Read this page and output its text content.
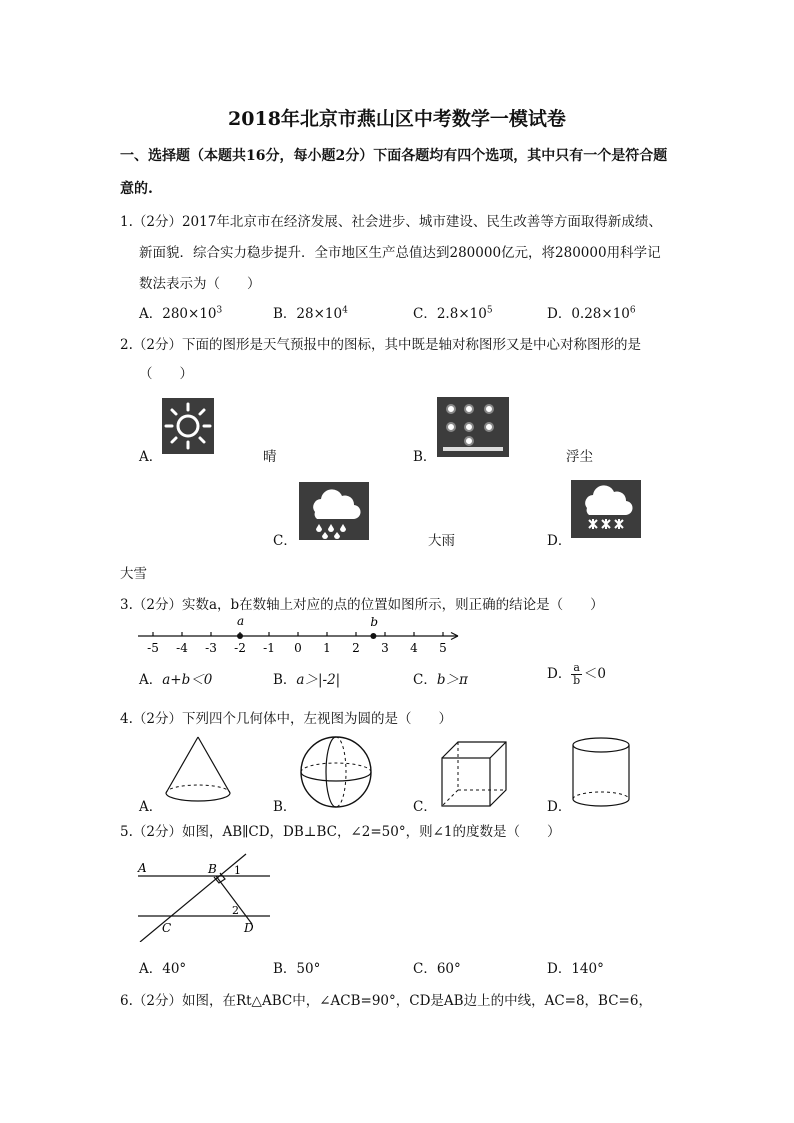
2018年北京市燕山区中考数学一模试卷
一、选择题（本题共16分，每小题2分）下面各题均有四个选项，其中只有一个是符合题
意的.
1.（2分）2017年北京市在经济发展、社会进步、城市建设、民生改善等方面取得新成绩、
新面貌．综合实力稳步提升．全市地区生产总值达到280000亿元，将280000用科学记
数法表示为（　　）
A．$280\times 10^3$	B．$28\times 10^4$	C．$2.8\times 10^5$	D．$0.28\times 10^6$
2.（2分）下面的图形是天气预报中的图标，其中既是轴对称图形又是中心对称图形的是
（　　）
A．	晴	B．	浮尘
C．	大雨	D．
大雪
3.（2分）实数a，b在数轴上对应的点的位置如图所示，则正确的结论是（　　）
-5 -4 -3 -2 -1 0 1 2 3 4 5
a	b
A．a+b＜0	B．a＞|-2|	C．b＞π	D． $\frac{a}{b} <0$
4.（2分）下列四个几何体中，左视图为圆的是（　　）
A．	B．	C．	D．
5.（2分）如图，AB∥CD，DB⊥BC，∠2=50°，则∠1的度数是（　　）
A	B 1
2
C	D
A．40°	B．50°	C．60°	D．140°
6.（2分）如图，在Rt△ABC中，∠ACB=90°，CD是AB边上的中线，AC=8，BC=6，
